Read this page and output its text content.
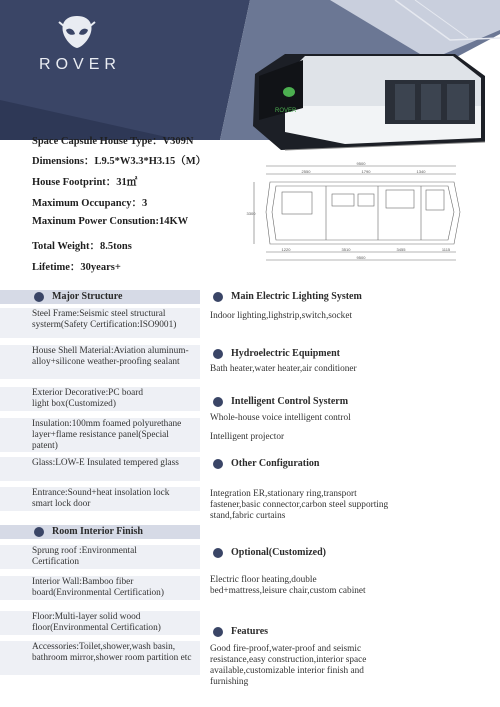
ROVER
ROVER
9500
2550	1790	1340
1220	3510	3455	1115
9500
3300
Space Capsule House Type：V309N
Dimensions：L9.5*W3.3*H3.15（M）
House Footprint：31㎡
Maximum Occupancy：3
Maxinum Power Consution:14KW
Total Weight：8.5tons
Lifetime：30years+
Major Structure
Steel Frame:Seismic steel structural systerm(Safety Certification:ISO9001)
House Shell Material:Aviation aluminum-alloy+silicone weather-proofing sealant
Exterior Decorative:PC board light box(Customized)
Insulation:100mm foamed polyurethane layer+flame resistance panel(Special patent)
Glass:LOW-E Insulated tempered glass
Entrance:Sound+heat insolation lock smart lock door
Room Interior Finish
Sprung roof :Environmental Certification
Interior Wall:Bamboo fiber board(Environmental Certification)
Floor:Multi-layer solid wood floor(Environmental Certification)
Accessories:Toilet,shower,wash basin, bathroom mirror,shower room partition etc
Main Electric Lighting System
Indoor lighting,lighstrip,switch,socket
Hydroelectric Equipment
Bath heater,water heater,air conditioner
Intelligent Control Systerm
Whole-house voice intelligent control
Intelligent projector
Other Configuration
Integration ER,stationary ring,transport fastener,basic connector,carbon steel supporting stand,fabric curtains
Optional(Customized)
Electric floor heating,double bed+mattress,leisure chair,custom cabinet
Features
Good fire-proof,water-proof and seismic resistance,easy construction,interior space available,customizable interior finish and furnishing
